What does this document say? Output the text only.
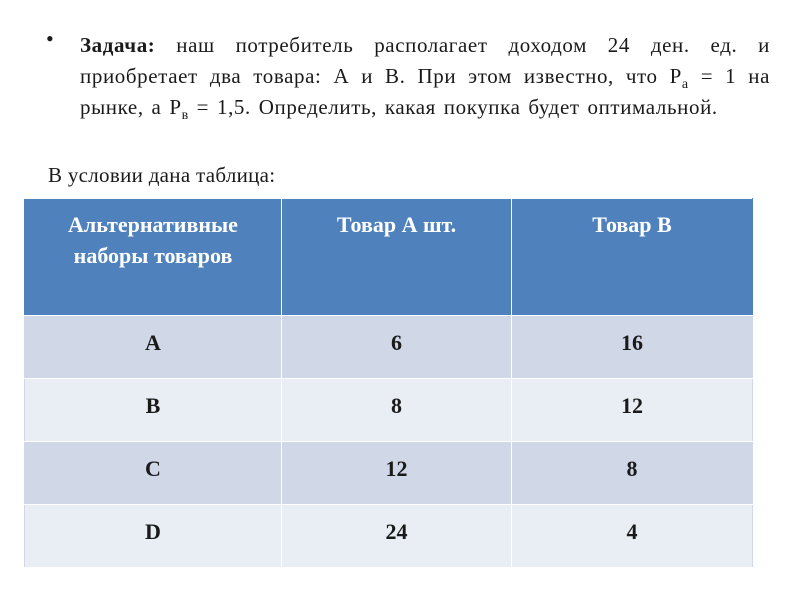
• Задача: наш потребитель располагает доходом 24 ден. ед. и приобретает два товара: А и В. При этом известно, что $Р_а = 1$ на рынке, а $Р_в = 1,5$. Определить, какая покупка будет оптимальной.

В условии дана таблица:

Альтернативные наборы товаров	Товар А шт.	Товар В
A	6	16
B	8	12
C	12	8
D	24	4
